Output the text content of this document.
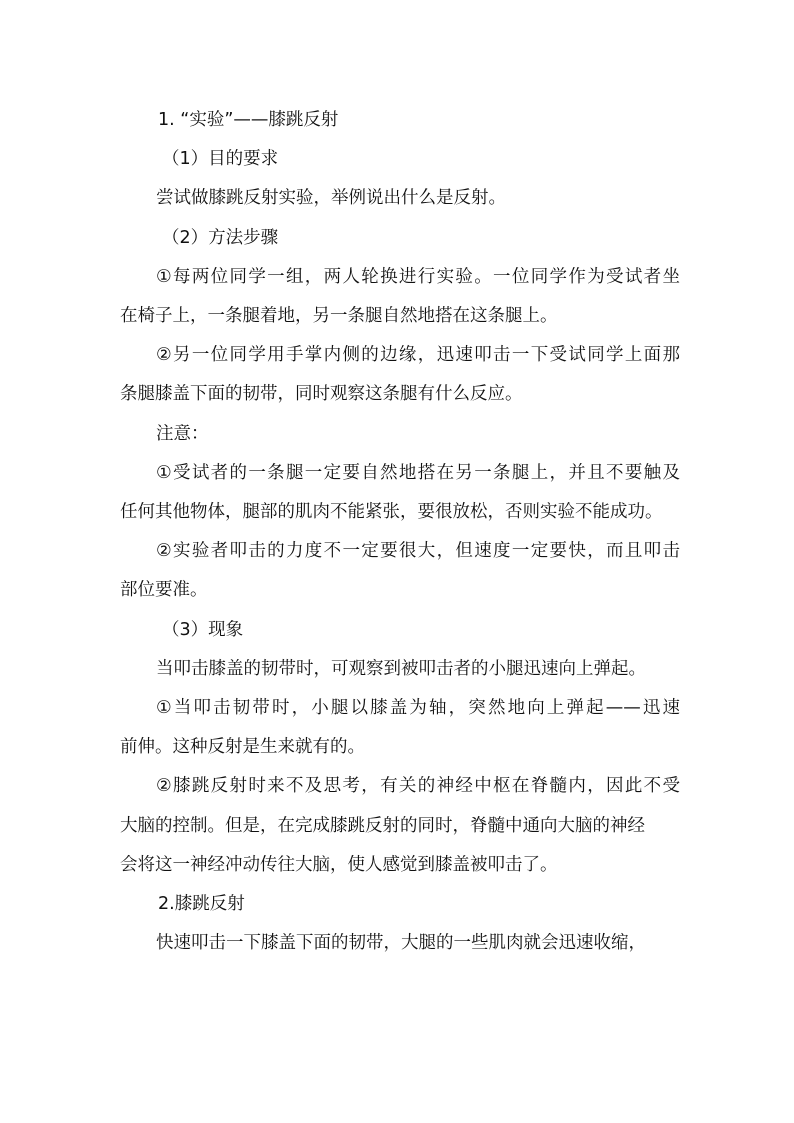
1. “实验”——膝跳反射
（1）目的要求
尝试做膝跳反射实验，举例说出什么是反射。
（2）方法步骤
①每两位同学一组，两人轮换进行实验。一位同学作为受试者坐
在椅子上，一条腿着地，另一条腿自然地搭在这条腿上。
②另一位同学用手掌内侧的边缘，迅速叩击一下受试同学上面那
条腿膝盖下面的韧带，同时观察这条腿有什么反应。
注意：
①受试者的一条腿一定要自然地搭在另一条腿上，并且不要触及
任何其他物体，腿部的肌肉不能紧张，要很放松，否则实验不能成功。
②实验者叩击的力度不一定要很大，但速度一定要快，而且叩击
部位要准。
（3）现象
当叩击膝盖的韧带时，可观察到被叩击者的小腿迅速向上弹起。
①当叩击韧带时，小腿以膝盖为轴，突然地向上弹起——迅速
前伸。这种反射是生来就有的。
②膝跳反射时来不及思考，有关的神经中枢在脊髓内，因此不受
大脑的控制。但是，在完成膝跳反射的同时，脊髓中通向大脑的神经
会将这一神经冲动传往大脑，使人感觉到膝盖被叩击了。
2.膝跳反射
快速叩击一下膝盖下面的韧带，大腿的一些肌肉就会迅速收缩，
